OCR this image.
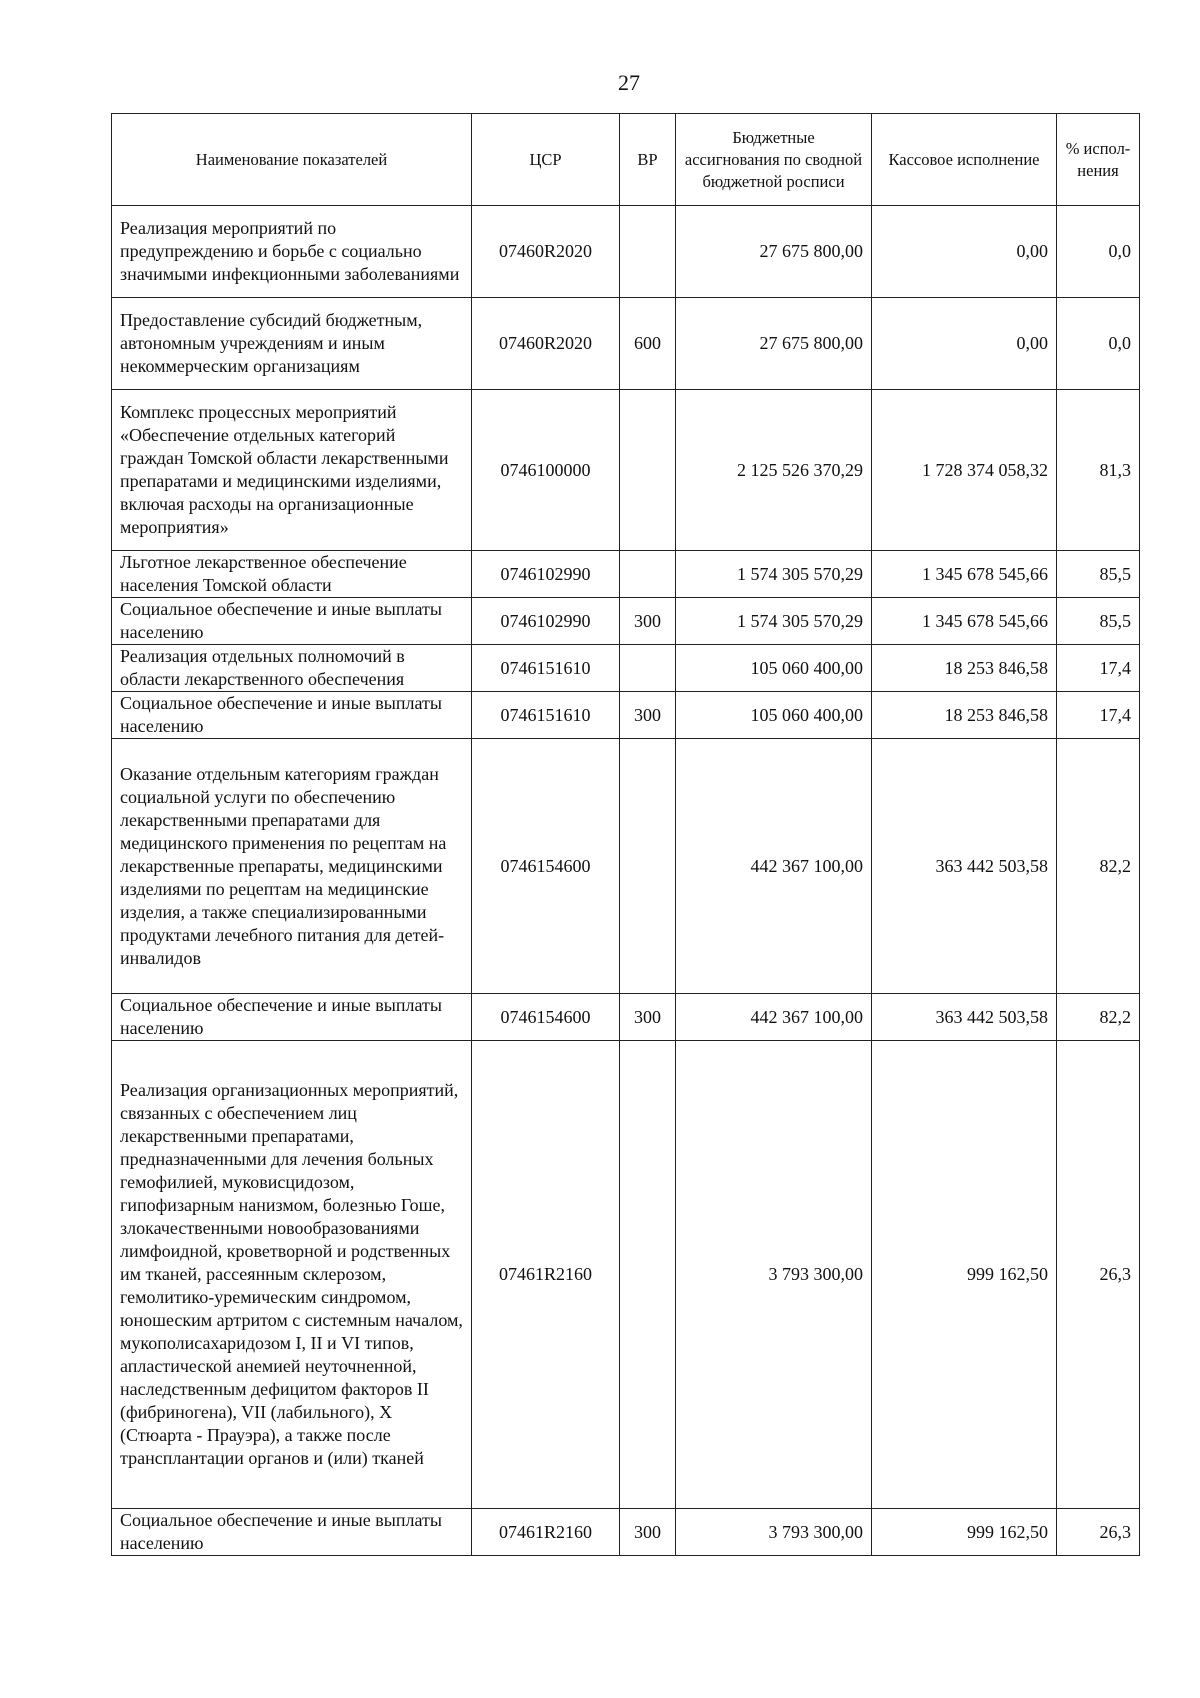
27
Наименование показателей	ЦСР	ВР	Бюджетные ассигнования по сводной бюджетной росписи	Кассовое исполнение	% испол-нения
Реализация мероприятий по предупреждению и борьбе с социально значимыми инфекционными заболеваниями	07460R2020		27 675 800,00	0,00	0,0
Предоставление субсидий бюджетным, автономным учреждениям и иным некоммерческим организациям	07460R2020	600	27 675 800,00	0,00	0,0
Комплекс процессных мероприятий «Обеспечение отдельных категорий граждан Томской области лекарственными препаратами и медицинскими изделиями, включая расходы на организационные мероприятия»	0746100000		2 125 526 370,29	1 728 374 058,32	81,3
Льготное лекарственное обеспечение населения Томской области	0746102990		1 574 305 570,29	1 345 678 545,66	85,5
Социальное обеспечение и иные выплаты населению	0746102990	300	1 574 305 570,29	1 345 678 545,66	85,5
Реализация отдельных полномочий в области лекарственного обеспечения	0746151610		105 060 400,00	18 253 846,58	17,4
Социальное обеспечение и иные выплаты населению	0746151610	300	105 060 400,00	18 253 846,58	17,4
Оказание отдельным категориям граждан социальной услуги по обеспечению лекарственными препаратами для медицинского применения по рецептам на лекарственные препараты, медицинскими изделиями по рецептам на медицинские изделия, а также специализированными продуктами лечебного питания для детей-инвалидов	0746154600		442 367 100,00	363 442 503,58	82,2
Социальное обеспечение и иные выплаты населению	0746154600	300	442 367 100,00	363 442 503,58	82,2
Реализация организационных мероприятий, связанных с обеспечением лиц лекарственными препаратами, предназначенными для лечения больных гемофилией, муковисцидозом, гипофизарным нанизмом, болезнью Гоше, злокачественными новообразованиями лимфоидной, кроветворной и родственных им тканей, рассеянным склерозом, гемолитико-уремическим синдромом, юношеским артритом с системным началом, мукополисахаридозом I, II и VI типов, апластической анемией неуточненной, наследственным дефицитом факторов II (фибриногена), VII (лабильного), X (Стюарта - Прауэра), а также после трансплантации органов и (или) тканей	07461R2160		3 793 300,00	999 162,50	26,3
Социальное обеспечение и иные выплаты населению	07461R2160	300	3 793 300,00	999 162,50	26,3
